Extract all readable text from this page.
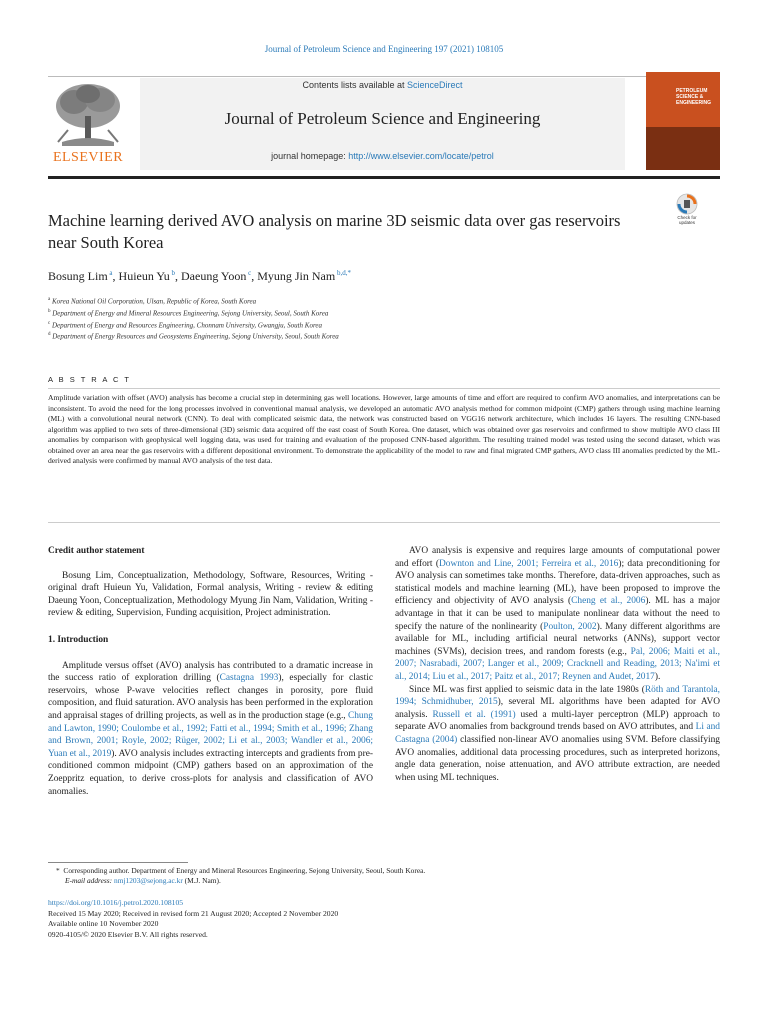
Journal of Petroleum Science and Engineering 197 (2021) 108105
ELSEVIER
Contents lists available at ScienceDirect
Journal of Petroleum Science and Engineering
journal homepage: http://www.elsevier.com/locate/petrol
PETROLEUM SCIENCE & ENGINEERING
Machine learning derived AVO analysis on marine 3D seismic data over gas reservoirs near South Korea
Check for updates
Bosung Lim $^a$, Huieun Yu $^b$, Daeung Yoon $^c$, Myung Jin Nam $^{b,d,*}$
$^a$ Korea National Oil Corporation, Ulsan, Republic of Korea, South Korea
$^b$ Department of Energy and Mineral Resources Engineering, Sejong University, Seoul, South Korea
$^c$ Department of Energy and Resources Engineering, Chonnam University, Gwangju, South Korea
$^d$ Department of Energy Resources and Geosystems Engineering, Sejong University, Seoul, South Korea
A B S T R A C T
Amplitude variation with offset (AVO) analysis has become a crucial step in determining gas well locations. However, large amounts of time and effort are required to confirm AVO anomalies, and interpretations can be inconsistent. To avoid the need for the long processes involved in conventional manual analysis, we developed an automatic AVO analysis method for common midpoint (CMP) gathers through using machine learning (ML) with a convolutional neural network (CNN). To deal with complicated seismic data, the network was constructed based on VGG16 network architecture, which includes 16 layers. The resulting CNN-based algorithm was applied to two sets of three-dimensional (3D) seismic data acquired off the east coast of South Korea. One dataset, which was obtained over gas reservoirs and confirmed to show multiple AVO class III anomalies by comparison with geophysical well logging data, was used for training and evaluation of the proposed CNN-based algorithm. The resulting trained model was tested using the second dataset, which was obtained over an area near the gas reservoirs with a different depositional environment. To demonstrate the applicability of the model to raw and final migrated CMP gathers, AVO class III anomalies predicted by the ML-derived analysis were confirmed by manual AVO analysis of the test data.
Credit author statement

Bosung Lim, Conceptualization, Methodology, Software, Resources, Writing - original draft Huieun Yu, Validation, Formal analysis, Writing - review & editing Daeung Yoon, Conceptualization, Methodology Myung Jin Nam, Validation, Writing - review & editing, Supervision, Funding acquisition, Project administration.

1. Introduction

Amplitude versus offset (AVO) analysis has contributed to a dramatic increase in the success ratio of exploration drilling (Castagna 1993), especially for clastic reservoirs, whose P-wave velocities reflect changes in porosity, pore fluid composition, and fluid saturation. AVO analysis has been performed in the exploration and appraisal stages of drilling projects, as well as in the production stage (e.g., Chung and Lawton, 1990; Coulombe et al., 1992; Fatti et al., 1994; Smith et al., 1996; Zhang and Brown, 2001; Royle, 2002; Rüger, 2002; Li et al., 2003; Wandler et al., 2006; Yuan et al., 2019). AVO analysis includes extracting intercepts and gradients from pre-conditioned common midpoint (CMP) gathers based on an approximation of the Zoeppritz equation, to derive cross-plots for analysis and classification of AVO anomalies.

AVO analysis is expensive and requires large amounts of computational power and effort (Downton and Line, 2001; Ferreira et al., 2016); data preconditioning for AVO analysis can sometimes take months. Therefore, data-driven approaches, such as statistical models and machine learning (ML), have been proposed to improve the efficiency and objectivity of AVO analysis (Cheng et al., 2006). ML has a major advantage in that it can be used to manipulate nonlinear data without the need to specify the nature of the nonlinearity (Poulton, 2002). Many different algorithms are available for ML, including artificial neural networks (ANNs), support vector machines (SVMs), decision trees, and random forests (e.g., Pal, 2006; Maiti et al., 2007; Nasrabadi, 2007; Langer et al., 2009; Cracknell and Reading, 2013; Na'imi et al., 2014; Liu et al., 2017; Paitz et al., 2017; Reynen and Audet, 2017).

Since ML was first applied to seismic data in the late 1980s (Röth and Tarantola, 1994; Schmidhuber, 2015), several ML algorithms have been adapted for AVO analysis. Russell et al. (1991) used a multi-layer perceptron (MLP) approach to separate AVO anomalies from background trends based on AVO attributes, and Li and Castagna (2004) classified non-linear AVO anomalies using SVM. Before classifying AVO anomalies, additional data processing procedures, such as interpreted horizons, angle data generation, noise attenuation, and AVO attribute extraction, are needed when using ML techniques.

*  Corresponding author. Department of Energy and Mineral Resources Engineering, Sejong University, Seoul, South Korea.
E-mail address: nmj1203@sejong.ac.kr (M.J. Nam).
https://doi.org/10.1016/j.petrol.2020.108105
Received 15 May 2020; Received in revised form 21 August 2020; Accepted 2 November 2020
Available online 10 November 2020
0920-4105/© 2020 Elsevier B.V. All rights reserved.
